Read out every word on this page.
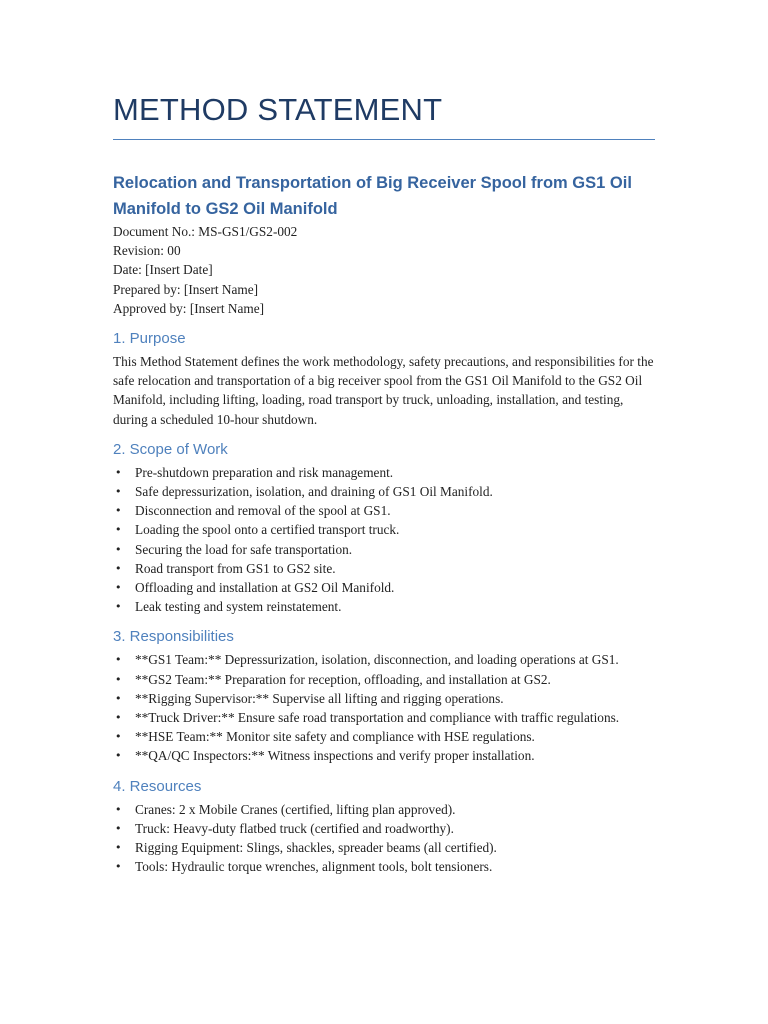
METHOD STATEMENT
Relocation and Transportation of Big Receiver Spool from GS1 Oil Manifold to GS2 Oil Manifold

Document No.: MS-GS1/GS2-002

Revision: 00

Date: [Insert Date]

Prepared by: [Insert Name]

Approved by: [Insert Name]

1. Purpose

This Method Statement defines the work methodology, safety precautions, and responsibilities for the safe relocation and transportation of a big receiver spool from the GS1 Oil Manifold to the GS2 Oil Manifold, including lifting, loading, road transport by truck, unloading, installation, and testing, during a scheduled 10-hour shutdown.

2. Scope of Work
• Pre-shutdown preparation and risk management.
• Safe depressurization, isolation, and draining of GS1 Oil Manifold.
• Disconnection and removal of the spool at GS1.
• Loading the spool onto a certified transport truck.
• Securing the load for safe transportation.
• Road transport from GS1 to GS2 site.
• Offloading and installation at GS2 Oil Manifold.
• Leak testing and system reinstatement.
3. Responsibilities
• **GS1 Team:** Depressurization, isolation, disconnection, and loading operations at GS1.
• **GS2 Team:** Preparation for reception, offloading, and installation at GS2.
• **Rigging Supervisor:** Supervise all lifting and rigging operations.
• **Truck Driver:** Ensure safe road transportation and compliance with traffic regulations.
• **HSE Team:** Monitor site safety and compliance with HSE regulations.
• **QA/QC Inspectors:** Witness inspections and verify proper installation.
4. Resources
• Cranes: 2 x Mobile Cranes (certified, lifting plan approved).
• Truck: Heavy-duty flatbed truck (certified and roadworthy).
• Rigging Equipment: Slings, shackles, spreader beams (all certified).
• Tools: Hydraulic torque wrenches, alignment tools, bolt tensioners.
